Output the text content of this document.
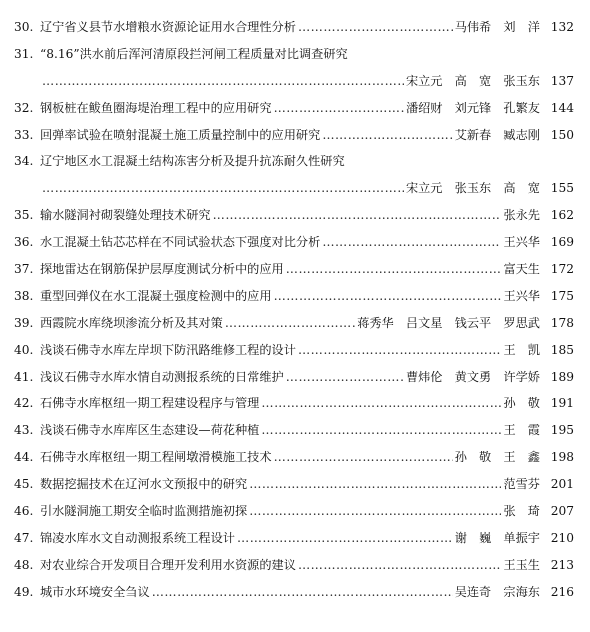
30. 辽宁省义县节水增粮水资源论证用水合理性分析 ………………………………………………………………………………………………………………………………………………	马伟希　刘　洋 132
31. “8.16”洪水前后浑河清原段拦河闸工程质量对比调查研究
………………………………………………………………………………………………………………………………………………
宋立元　高　宽　张玉东 137
32. 钢板桩在鲅鱼圈海堤治理工程中的应用研究 ………………………………………………………………………………………………………………………………………………	潘绍财　刘元锋　孔繁友 144
33. 回弹率试验在喷射混凝土施工质量控制中的应用研究 ………………………………………………………………………………………………………………………………………………	艾新春　臧志刚 150
34. 辽宁地区水工混凝土结构冻害分析及提升抗冻耐久性研究
………………………………………………………………………………………………………………………………………………
宋立元　张玉东　高　宽 155
35. 输水隧洞衬砌裂缝处理技术研究 ………………………………………………………………………………………………………………………………………………	张永先 162
36. 水工混凝土钻芯芯样在不同试验状态下强度对比分析 ………………………………………………………………………………………………………………………………………………	王兴华 169
37. 探地雷达在钢筋保护层厚度测试分析中的应用 ………………………………………………………………………………………………………………………………………………	富天生 172
38. 重型回弹仪在水工混凝土强度检测中的应用 ………………………………………………………………………………………………………………………………………………	王兴华 175
39. 西霞院水库绕坝渗流分析及其对策 ………………………………………………………………………………………………………………………………………………	蒋秀华　吕文星　钱云平　罗思武 178
40. 浅谈石佛寺水库左岸坝下防汛路维修工程的设计 ………………………………………………………………………………………………………………………………………………	王　凯 185
41. 浅议石佛寺水库水情自动测报系统的日常维护 ………………………………………………………………………………………………………………………………………………	曹炜伦　黄文勇　许学娇 189
42. 石佛寺水库枢纽一期工程建设程序与管理 ………………………………………………………………………………………………………………………………………………	孙　敬 191
43. 浅谈石佛寺水库库区生态建设—荷花种植 ………………………………………………………………………………………………………………………………………………	王　霞 195
44. 石佛寺水库枢纽一期工程闸墩滑模施工技术 ………………………………………………………………………………………………………………………………………………	孙　敬　王　鑫 198
45. 数据挖掘技术在辽河水文预报中的研究 ………………………………………………………………………………………………………………………………………………	范雪芬 201
46. 引水隧洞施工期安全临时监测措施初探 ………………………………………………………………………………………………………………………………………………	张　琦 207
47. 锦凌水库水文自动测报系统工程设计 ………………………………………………………………………………………………………………………………………………	谢　巍　单振宇 210
48. 对农业综合开发项目合理开发利用水资源的建议 ………………………………………………………………………………………………………………………………………………	王玉生 213
49. 城市水环境安全刍议 ………………………………………………………………………………………………………………………………………………	吴连奇　宗海东 216
